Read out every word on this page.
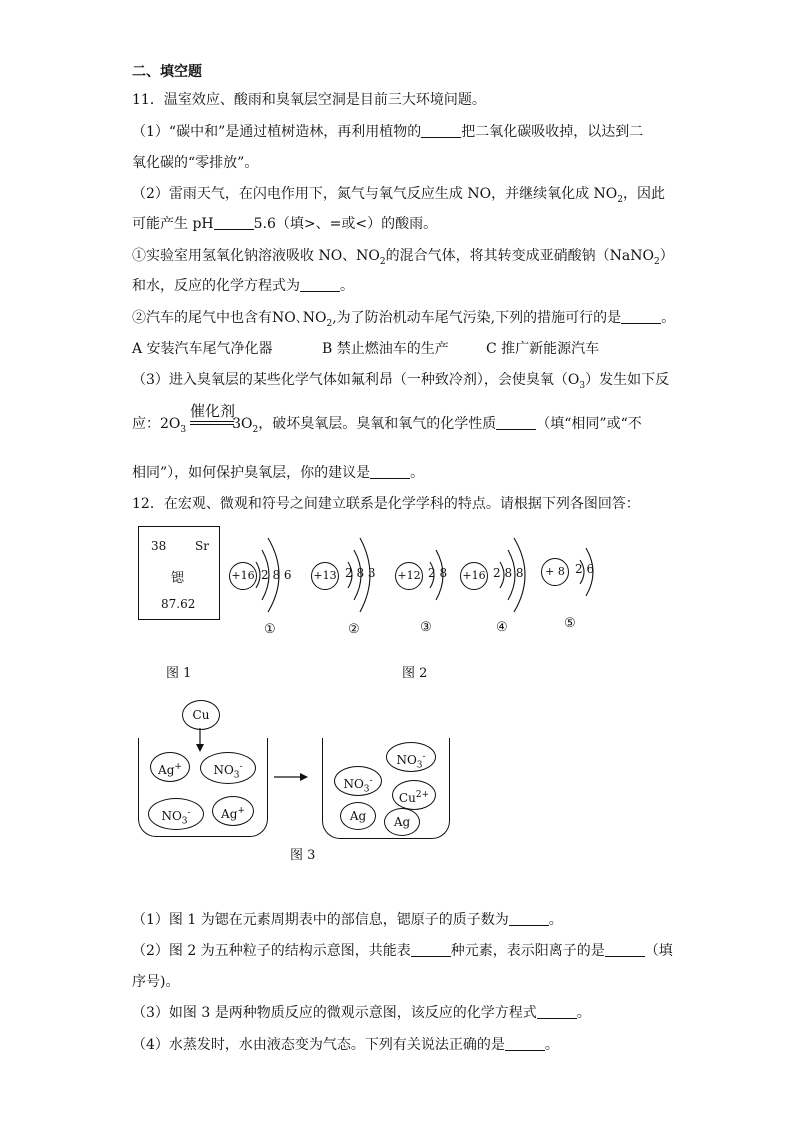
二、填空题
11．温室效应、酸雨和臭氧层空洞是目前三大环境问题。
（1）“碳中和”是通过植树造林，再利用植物的	把二氧化碳吸收掉，以达到二
氧化碳的“零排放”。
（2）雷雨天气，在闪电作用下，氮气与氧气反应生成 NO，并继续氧化成 $NO_2$，因此
可能产生 pH	5.6（填>、=或<）的酸雨。
①实验室用氢氧化钠溶液吸收 NO、$NO_2$的混合气体，将其转变成亚硝酸钠（NaNO$_2$）
和水，反应的化学方程式为	。
②汽车的尾气中也含有NO､$NO_2$,为了防治机动车尾气污染,下列的措施可行的是	。
A 安装汽车尾气净化器	B 禁止燃油车的生产	C 推广新能源汽车
（3）进入臭氧层的某些化学气体如氟利昂（一种致冷剂），会使臭氧$(O_3)$发生如下反
催化剂
应：$2O_3$	$3O_2$，破坏臭氧层。臭氧和氧气的化学性质	（填“相同”或“不
相同”），如何保护臭氧层，你的建议是	。
12．在宏观、微观和符号之间建立联系是化学学科的特点。请根据下列各图回答：
38 Sr
锶
87.62
+16 2 8 6
①
+13 2 8 3
②
+12 2 8
③
+16 2 8 8
④
+ 8 2 6
⑤
图 1	图 2
Cu
Ag+	$NO_3^-$
$NO_3^-$	Ag+
$NO_3^-$
$NO_3^-$
$Cu^{2+}$
Ag	Ag
图 3
（1）图 1 为锶在元素周期表中的部信息，锶原子的质子数为	。
（2）图 2 为五种粒子的结构示意图，共能表	种元素，表示阳离子的是	（填
序号)。
（3）如图 3 是两种物质反应的微观示意图，该反应的化学方程式	。
（4）水蒸发时，水由液态变为气态。下列有关说法正确的是	。
